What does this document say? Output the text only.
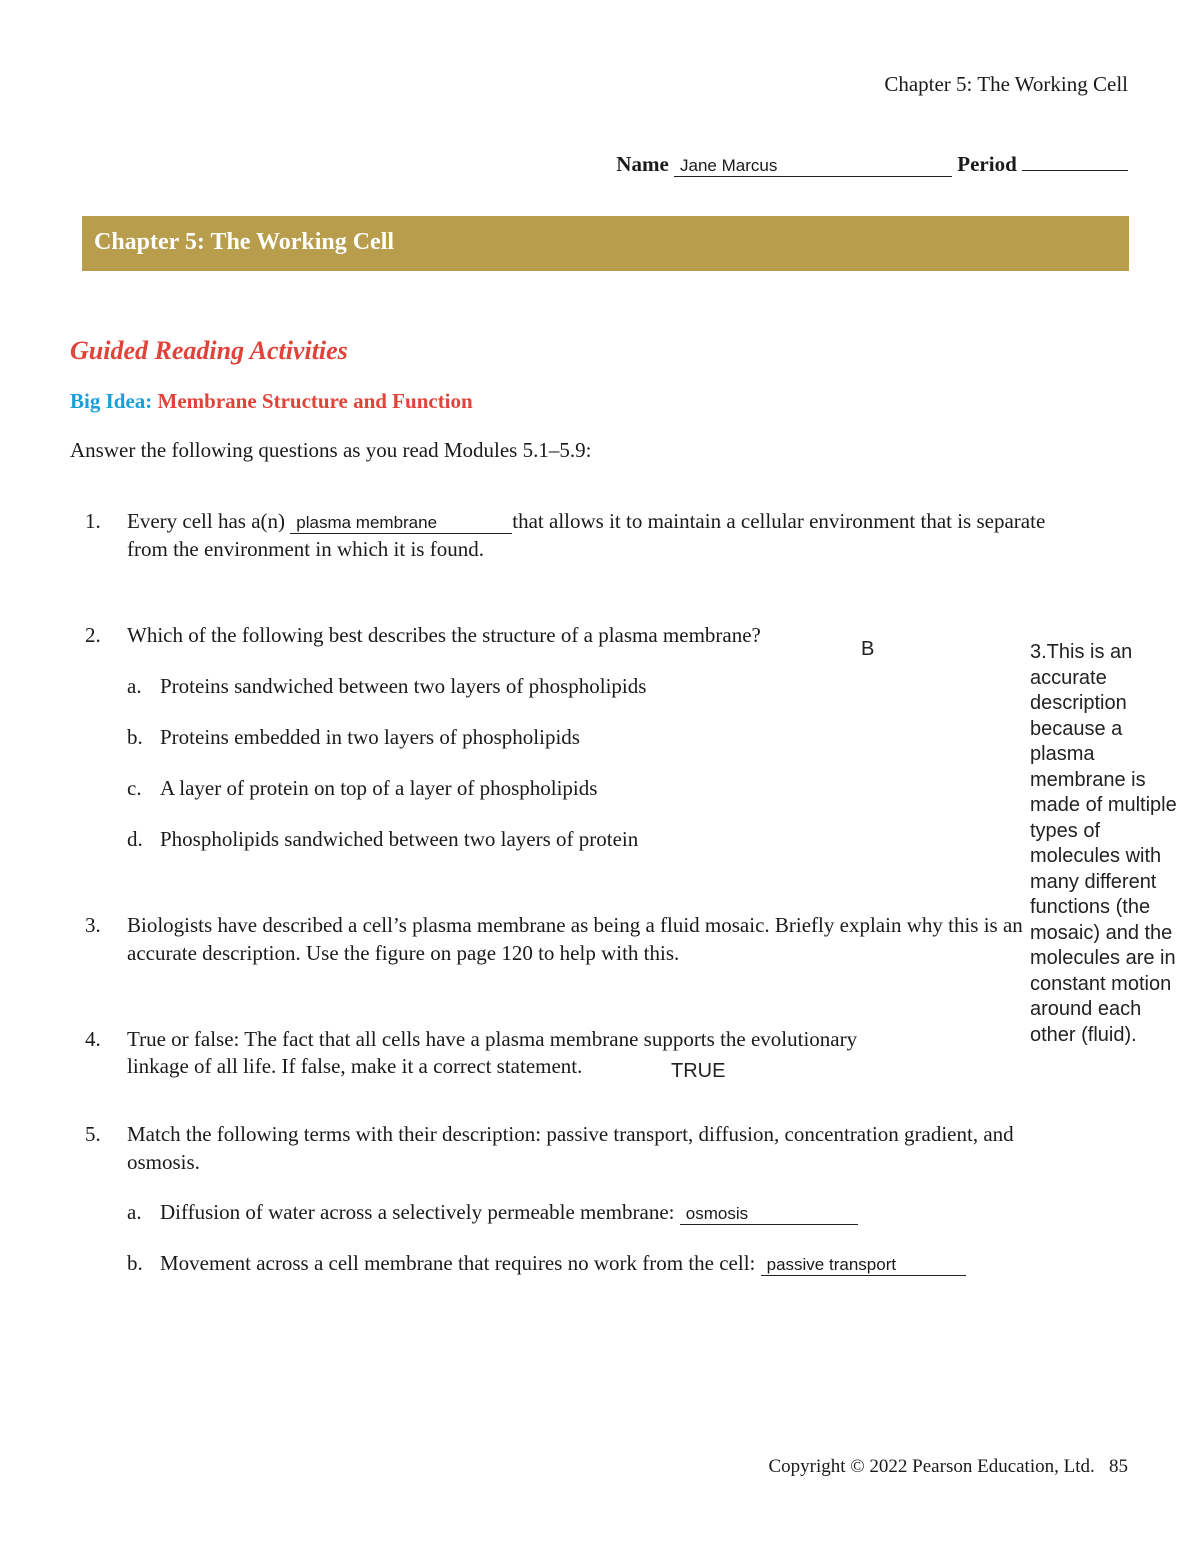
Chapter 5: The Working Cell
Name Jane Marcus	Period
Chapter 5: The Working Cell
Guided Reading Activities
Big Idea: Membrane Structure and Function
Answer the following questions as you read Modules 5.1–5.9:
1.	Every cell has a(n) plasma membrane	that allows it to maintain a cellular environment that is separate
from the environment in which it is found.
2.	Which of the following best describes the structure of a plasma membrane?
B
a. Proteins sandwiched between two layers of phospholipids
b. Proteins embedded in two layers of phospholipids
c. A layer of protein on top of a layer of phospholipids
d. Phospholipids sandwiched between two layers of protein
3.	Biologists have described a cell’s plasma membrane as being a fluid mosaic. Briefly explain why this is an
accurate description. Use the figure on page 120 to help with this.
4.	True or false: The fact that all cells have a plasma membrane supports the evolutionary
linkage of all life. If false, make it a correct statement.	TRUE
5.	Match the following terms with their description: passive transport, diffusion, concentration gradient, and
osmosis.
a. Diffusion of water across a selectively permeable membrane: osmosis
b. Movement across a cell membrane that requires no work from the cell: passive transport
3.This is an accurate description because a plasma membrane is made of multiple types of molecules with many different functions (the mosaic) and the molecules are in constant motion around each other (fluid).
Copyright © 2022 Pearson Education, Ltd.   85
